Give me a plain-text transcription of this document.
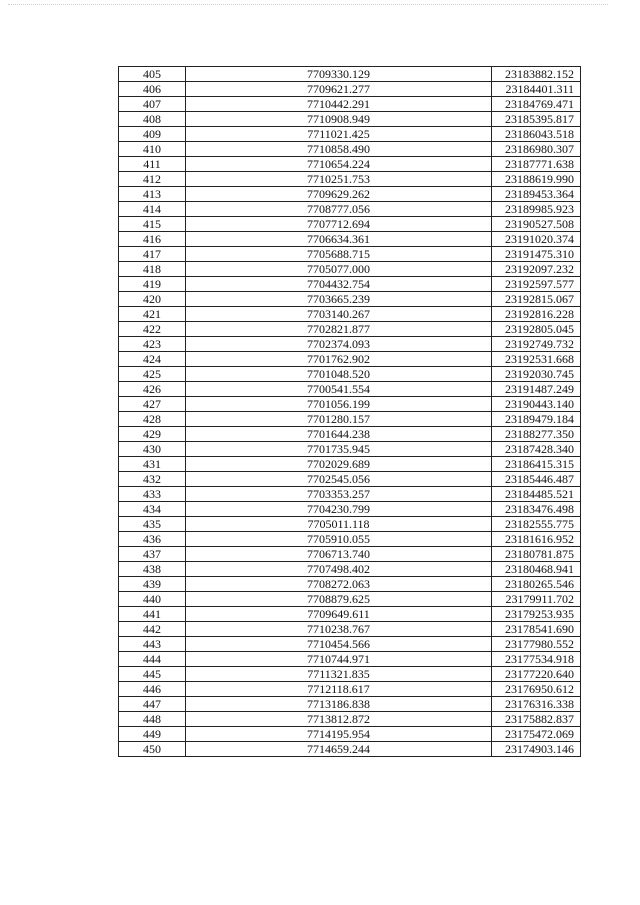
405	7709330.129	23183882.152
406	7709621.277	23184401.311
407	7710442.291	23184769.471
408	7710908.949	23185395.817
409	7711021.425	23186043.518
410	7710858.490	23186980.307
411	7710654.224	23187771.638
412	7710251.753	23188619.990
413	7709629.262	23189453.364
414	7708777.056	23189985.923
415	7707712.694	23190527.508
416	7706634.361	23191020.374
417	7705688.715	23191475.310
418	7705077.000	23192097.232
419	7704432.754	23192597.577
420	7703665.239	23192815.067
421	7703140.267	23192816.228
422	7702821.877	23192805.045
423	7702374.093	23192749.732
424	7701762.902	23192531.668
425	7701048.520	23192030.745
426	7700541.554	23191487.249
427	7701056.199	23190443.140
428	7701280.157	23189479.184
429	7701644.238	23188277.350
430	7701735.945	23187428.340
431	7702029.689	23186415.315
432	7702545.056	23185446.487
433	7703353.257	23184485.521
434	7704230.799	23183476.498
435	7705011.118	23182555.775
436	7705910.055	23181616.952
437	7706713.740	23180781.875
438	7707498.402	23180468.941
439	7708272.063	23180265.546
440	7708879.625	23179911.702
441	7709649.611	23179253.935
442	7710238.767	23178541.690
443	7710454.566	23177980.552
444	7710744.971	23177534.918
445	7711321.835	23177220.640
446	7712118.617	23176950.612
447	7713186.838	23176316.338
448	7713812.872	23175882.837
449	7714195.954	23175472.069
450	7714659.244	23174903.146
